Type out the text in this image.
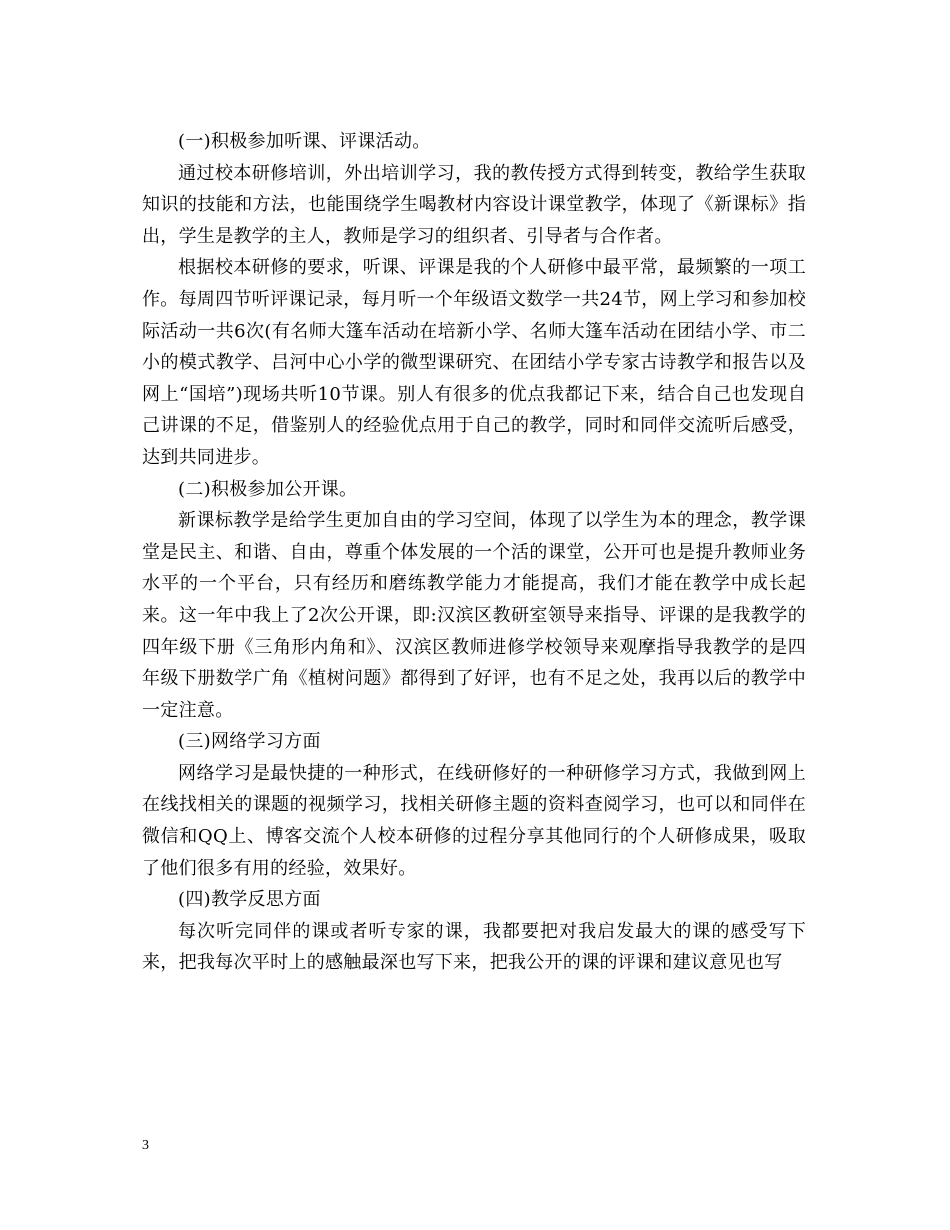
(一)积极参加听课、评课活动。

通过校本研修培训，外出培训学习，我的教传授方式得到转变，教给学生获取知识的技能和方法，也能围绕学生喝教材内容设计课堂教学，体现了《新课标》指出，学生是教学的主人，教师是学习的组织者、引导者与合作者。

根据校本研修的要求，听课、评课是我的个人研修中最平常，最频繁的一项工作。每周四节听评课记录，每月听一个年级语文数学一共24节，网上学习和参加校际活动一共6次(有名师大篷车活动在培新小学、名师大篷车活动在团结小学、市二小的模式教学、吕河中心小学的微型课研究、在团结小学专家古诗教学和报告以及网上“国培”)现场共听10节课。别人有很多的优点我都记下来，结合自己也发现自己讲课的不足，借鉴别人的经验优点用于自己的教学，同时和同伴交流听后感受，达到共同进步。

(二)积极参加公开课。

新课标教学是给学生更加自由的学习空间，体现了以学生为本的理念，教学课堂是民主、和谐、自由，尊重个体发展的一个活的课堂，公开可也是提升教师业务水平的一个平台，只有经历和磨练教学能力才能提高，我们才能在教学中成长起来。这一年中我上了2次公开课，即:汉滨区教研室领导来指导、评课的是我教学的四年级下册《三角形内角和》、汉滨区教师进修学校领导来观摩指导我教学的是四年级下册数学广角《植树问题》都得到了好评，也有不足之处，我再以后的教学中一定注意。

(三)网络学习方面

网络学习是最快捷的一种形式，在线研修好的一种研修学习方式，我做到网上在线找相关的课题的视频学习，找相关研修主题的资料查阅学习，也可以和同伴在微信和QQ上、博客交流个人校本研修的过程分享其他同行的个人研修成果，吸取了他们很多有用的经验，效果好。

(四)教学反思方面

每次听完同伴的课或者听专家的课，我都要把对我启发最大的课的感受写下来，把我每次平时上的感触最深也写下来，把我公开的课的评课和建议意见也写

3
